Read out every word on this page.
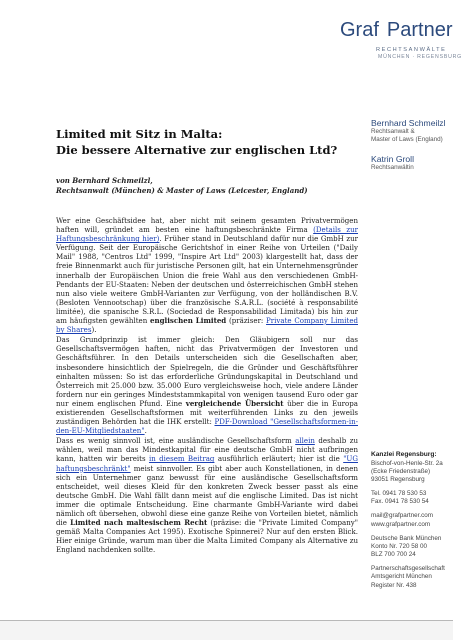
Graf Partner
RECHTSANWÄLTE
MÜNCHEN · REGENSBURG
Bernhard Schmeilzl
Rechtsanwalt &
Master of Laws (England)
Katrin Groll
Rechtsanwältin
Kanzlei Regensburg:
Bischof-von-Henle-Str. 2a
(Ecke Friedenstraße)
93051 Regensburg
Tel. 0941 78 530 53
Fax. 0941 78 530 54
mail@grafpartner.com
www.grafpartner.com
Deutsche Bank München
Konto Nr. 720 58 00
BLZ 700 700 24
Partnerschaftsgesellschaft
Amtsgericht München
Register Nr. 438
Limited mit Sitz in Malta:
Die bessere Alternative zur englischen Ltd?
von Bernhard Schmeilzl,
Rechtsanwalt (München) & Master of Laws (Leicester, England)

Wer eine Geschäftsidee hat, aber nicht mit seinem gesamten Privatvermögen haften will, gründet am besten eine haftungsbeschränkte Firma (Details zur Haftungsbeschränkung hier). Früher stand in Deutschland dafür nur die GmbH zur Verfügung. Seit der Europäische Gerichtshof in einer Reihe von Urteilen ("Daily Mail" 1988, "Centros Ltd" 1999, "Inspire Art Ltd" 2003) klargestellt hat, dass der freie Binnenmarkt auch für juristische Personen gilt, hat ein Unternehmensgründer innerhalb der Europäischen Union die freie Wahl aus den verschiedenen GmbH-Pendants der EU-Staaten: Neben der deutschen und österreichischen GmbH stehen nun also viele weitere GmbH-Varianten zur Verfügung, von der holländischen B.V. (Besloten Vennootschap) über die französische S.A.R.L. (société à responsabilité limitée), die spanische S.R.L. (Sociedad de Responsabilidad Limitada) bis hin zur am häufigsten gewählten englischen Limited (präziser: Private Company Limited by Shares).

Das Grundprinzip ist immer gleich: Den Gläubigern soll nur das Gesellschaftsvermögen haften, nicht das Privatvermögen der Investoren und Geschäftsführer. In den Details unterscheiden sich die Gesellschaften aber, insbesondere hinsichtlich der Spielregeln, die die Gründer und Geschäftsführer einhalten müssen: So ist das erforderliche Gründungskapital in Deutschland und Österreich mit 25.000 bzw. 35.000 Euro vergleichsweise hoch, viele andere Länder fordern nur ein geringes Mindeststammkapital von wenigen tausend Euro oder gar nur einem englischen Pfund. Eine vergleichende Übersicht über die in Europa existierenden Gesellschaftsformen mit weiterführenden Links zu den jeweils zuständigen Behörden hat die IHK erstellt: PDF-Download "Gesellschaftsformen-in-den-EU-Mitgliedstaaten".

Dass es wenig sinnvoll ist, eine ausländische Gesellschaftsform allein deshalb zu wählen, weil man das Mindestkapital für eine deutsche GmbH nicht aufbringen kann, hatten wir bereits in diesem Beitrag ausführlich erläutert; hier ist die "UG haftungsbeschränkt" meist sinnvoller. Es gibt aber auch Konstellationen, in denen sich ein Unternehmer ganz bewusst für eine ausländische Gesellschaftsform entscheidet, weil dieses Kleid für den konkreten Zweck besser passt als eine deutsche GmbH. Die Wahl fällt dann meist auf die englische Limited. Das ist nicht immer die optimale Entscheidung. Eine charmante GmbH-Variante wird dabei nämlich oft übersehen, obwohl diese eine ganze Reihe von Vorteilen bietet, nämlich die Limited nach maltesischem Recht (präzise: die "Private Limited Company" gemäß Malta Companies Act 1995). Exotische Spinnerei? Nur auf den ersten Blick. Hier einige Gründe, warum man über die Malta Limited Company als Alternative zu England nachdenken sollte.
